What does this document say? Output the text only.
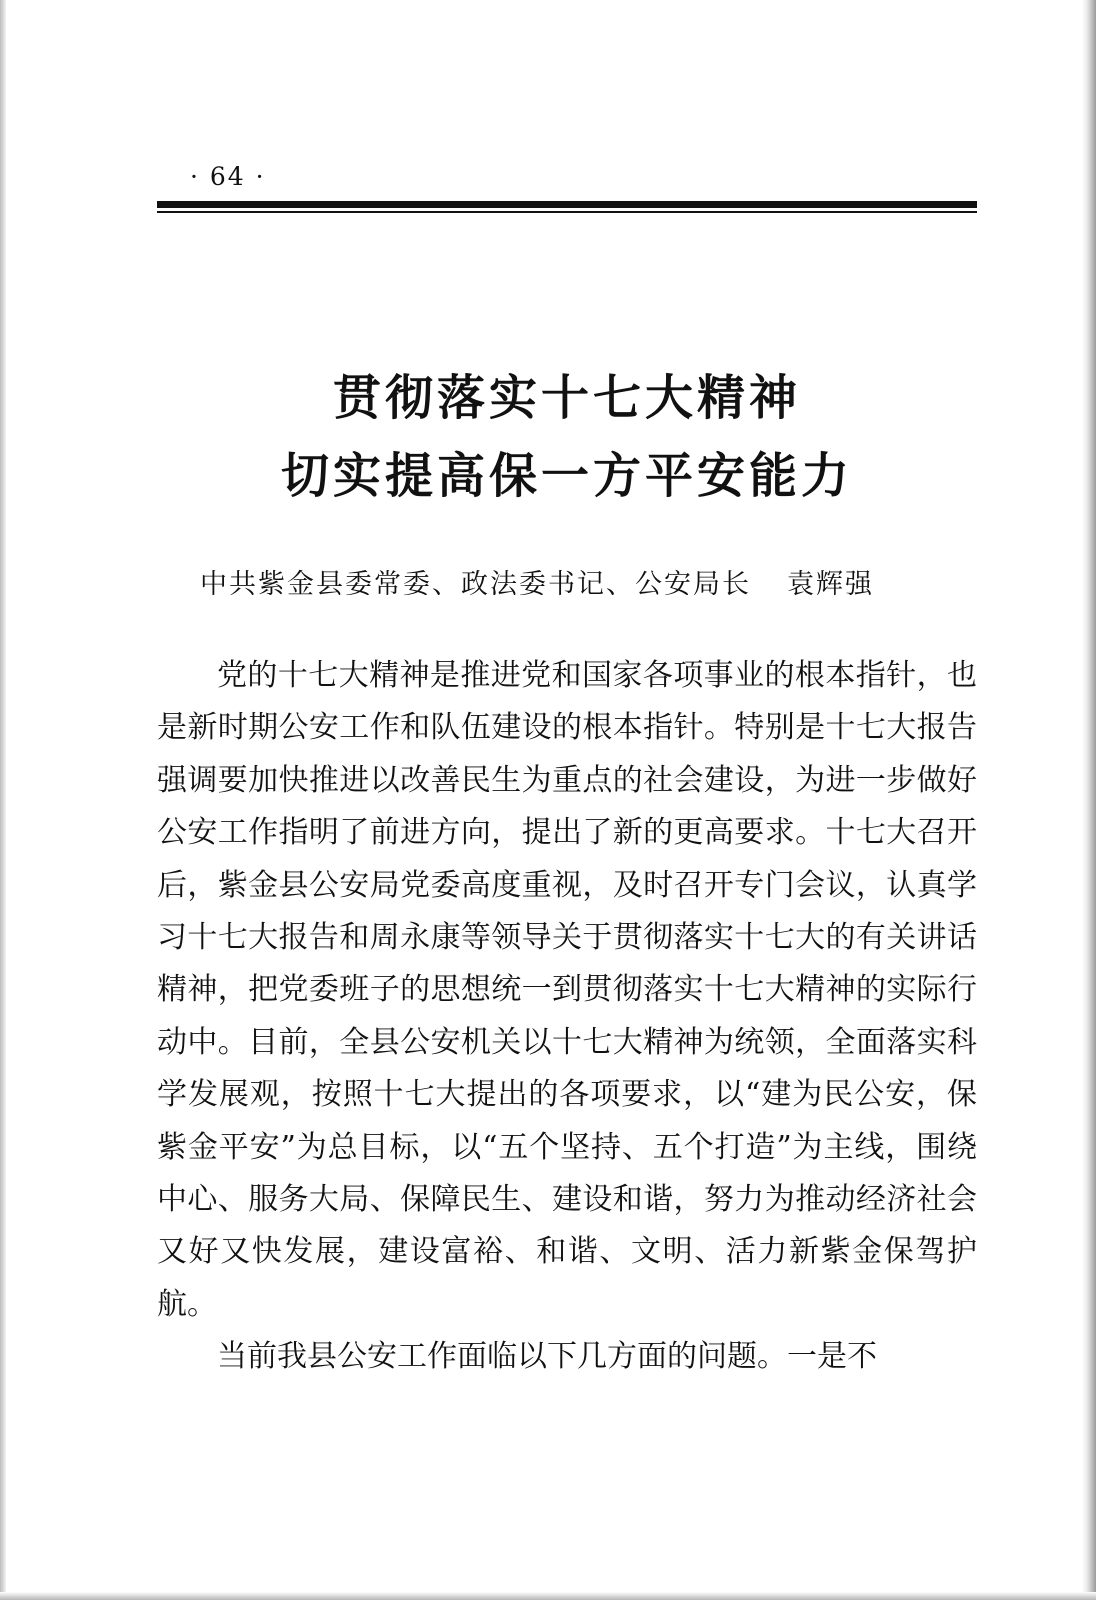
· 64 ·
贯彻落实十七大精神
切实提高保一方平安能力
中共紫金县委常委、政法委书记、公安局长 袁辉强

党的十七大精神是推进党和国家各项事业的根本指针，也是新时期公安工作和队伍建设的根本指针。特别是十七大报告强调要加快推进以改善民生为重点的社会建设，为进一步做好公安工作指明了前进方向，提出了新的更高要求。十七大召开后，紫金县公安局党委高度重视，及时召开专门会议，认真学习十七大报告和周永康等领导关于贯彻落实十七大的有关讲话精神，把党委班子的思想统一到贯彻落实十七大精神的实际行动中。目前，全县公安机关以十七大精神为统领，全面落实科学发展观，按照十七大提出的各项要求，以“建为民公安，保紫金平安”为总目标，以“五个坚持、五个打造”为主线，围绕中心、服务大局、保障民生、建设和谐，努力为推动经济社会又好又快发展，建设富裕、和谐、文明、活力新紫金保驾护航。

当前我县公安工作面临以下几方面的问题。一是不
